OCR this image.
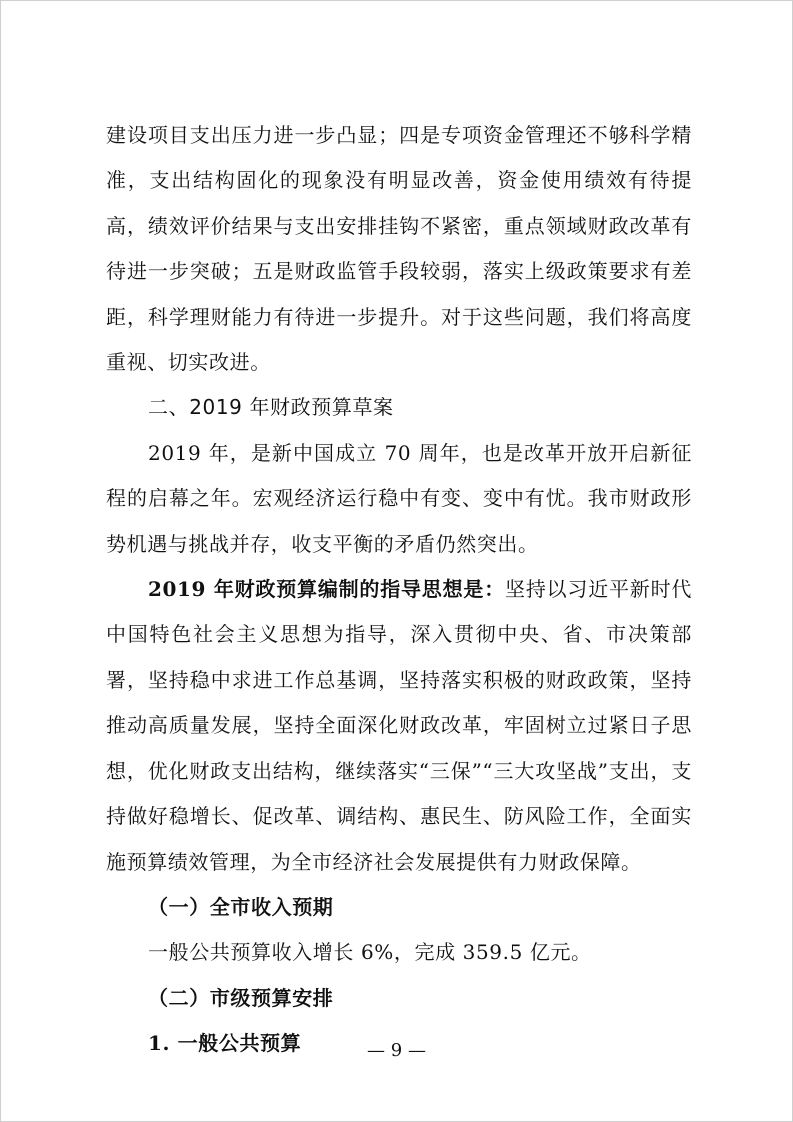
建设项目支出压力进一步凸显；四是专项资金管理还不够科学精准，支出结构固化的现象没有明显改善，资金使用绩效有待提高，绩效评价结果与支出安排挂钩不紧密，重点领域财政改革有待进一步突破；五是财政监管手段较弱，落实上级政策要求有差距，科学理财能力有待进一步提升。对于这些问题，我们将高度重视、切实改进。

二、2019 年财政预算草案

2019 年，是新中国成立 70 周年，也是改革开放开启新征程的启幕之年。宏观经济运行稳中有变、变中有忧。我市财政形势机遇与挑战并存，收支平衡的矛盾仍然突出。

2019 年财政预算编制的指导思想是：坚持以习近平新时代中国特色社会主义思想为指导，深入贯彻中央、省、市决策部署，坚持稳中求进工作总基调，坚持落实积极的财政政策，坚持推动高质量发展，坚持全面深化财政改革，牢固树立过紧日子思想，优化财政支出结构，继续落实“三保”“三大攻坚战”支出，支持做好稳增长、促改革、调结构、惠民生、防风险工作，全面实施预算绩效管理，为全市经济社会发展提供有力财政保障。

（一）全市收入预期

一般公共预算收入增长 6%，完成 359.5 亿元。

（二）市级预算安排

1. 一般公共预算	— 9 —
